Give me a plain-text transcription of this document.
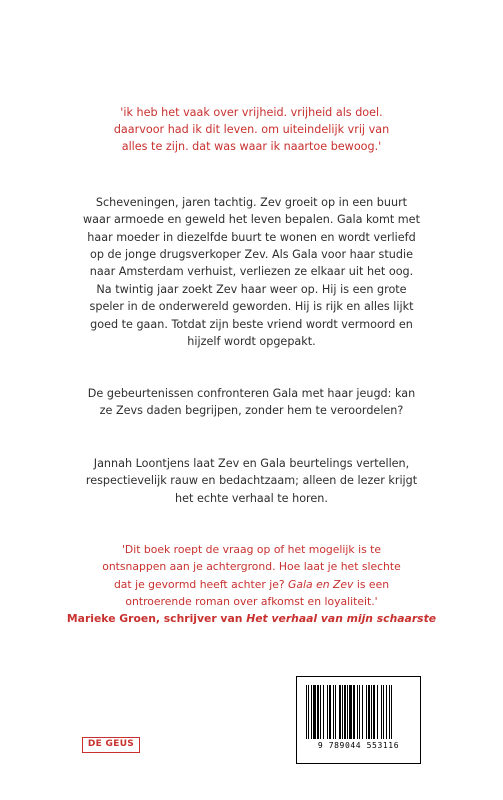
'ik heb het vaak over vrijheid. vrijheid als doel.
daarvoor had ik dit leven. om uiteindelijk vrij van
alles te zijn. dat was waar ik naartoe bewoog.'
Scheveningen, jaren tachtig. Zev groeit op in een buurt
waar armoede en geweld het leven bepalen. Gala komt met
haar moeder in diezelfde buurt te wonen en wordt verliefd
op de jonge drugsverkoper Zev. Als Gala voor haar studie
naar Amsterdam verhuist, verliezen ze elkaar uit het oog.
Na twintig jaar zoekt Zev haar weer op. Hij is een grote
speler in de onderwereld geworden. Hij is rijk en alles lijkt
goed te gaan. Totdat zijn beste vriend wordt vermoord en
hijzelf wordt opgepakt.
De gebeurtenissen confronteren Gala met haar jeugd: kan
ze Zevs daden begrijpen, zonder hem te veroordelen?
Jannah Loontjens laat Zev en Gala beurtelings vertellen,
respectievelijk rauw en bedachtzaam; alleen de lezer krijgt
het echte verhaal te horen.
'Dit boek roept de vraag op of het mogelijk is te
ontsnappen aan je achtergrond. Hoe laat je het slechte
dat je gevormd heeft achter je? Gala en Zev is een
ontroerende roman over afkomst en loyaliteit.'
Marieke Groen, schrijver van Het verhaal van mijn schaarste
DE GEUS	9 789044 553116
